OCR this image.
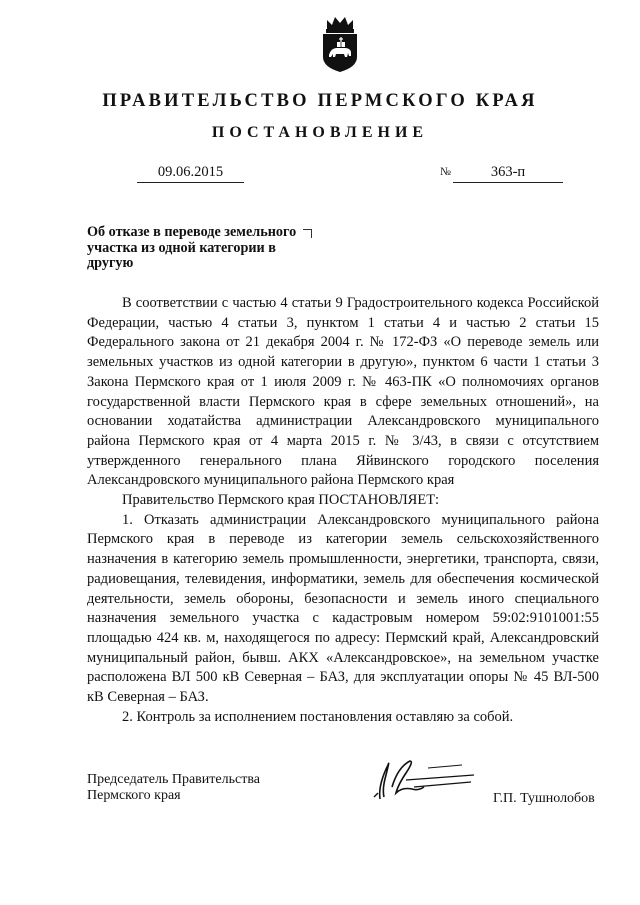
ПРАВИТЕЛЬСТВО ПЕРМСКОГО КРАЯ
ПОСТАНОВЛЕНИЕ
09.06.2015	№	363-п
Об отказе в переводе земельного участка из одной категории в другую

В соответствии с частью 4 статьи 9 Градостроительного кодекса Российской Федерации, частью 4 статьи 3, пунктом 1 статьи 4 и частью 2 статьи 15 Федерального закона от 21 декабря 2004 г. № 172-ФЗ «О переводе земель или земельных участков из одной категории в другую», пунктом 6 части 1 статьи 3 Закона Пермского края от 1 июля 2009 г. № 463-ПК «О полномочиях органов государственной власти Пермского края в сфере земельных отношений», на основании ходатайства администрации Александровского муниципального района Пермского края от 4 марта 2015 г. № 3/43, в связи с отсутствием утвержденного генерального плана Яйвинского городского поселения Александровского муниципального района Пермского края

Правительство Пермского края ПОСТАНОВЛЯЕТ:

1. Отказать администрации Александровского муниципального района Пермского края в переводе из категории земель сельскохозяйственного назначения в категорию земель промышленности, энергетики, транспорта, связи, радиовещания, телевидения, информатики, земель для обеспечения космической деятельности, земель обороны, безопасности и земель иного специального назначения земельного участка с кадастровым номером 59:02:9101001:55 площадью 424 кв. м, находящегося по адресу: Пермский край, Александровский муниципальный район, бывш. АКХ «Александровское», на земельном участке расположена ВЛ 500 кВ Северная – БАЗ, для эксплуатации опоры № 45 ВЛ-500 кВ Северная – БАЗ.

2. Контроль за исполнением постановления оставляю за собой.

Председатель Правительства
Пермского края	Г.П. Тушнолобов
